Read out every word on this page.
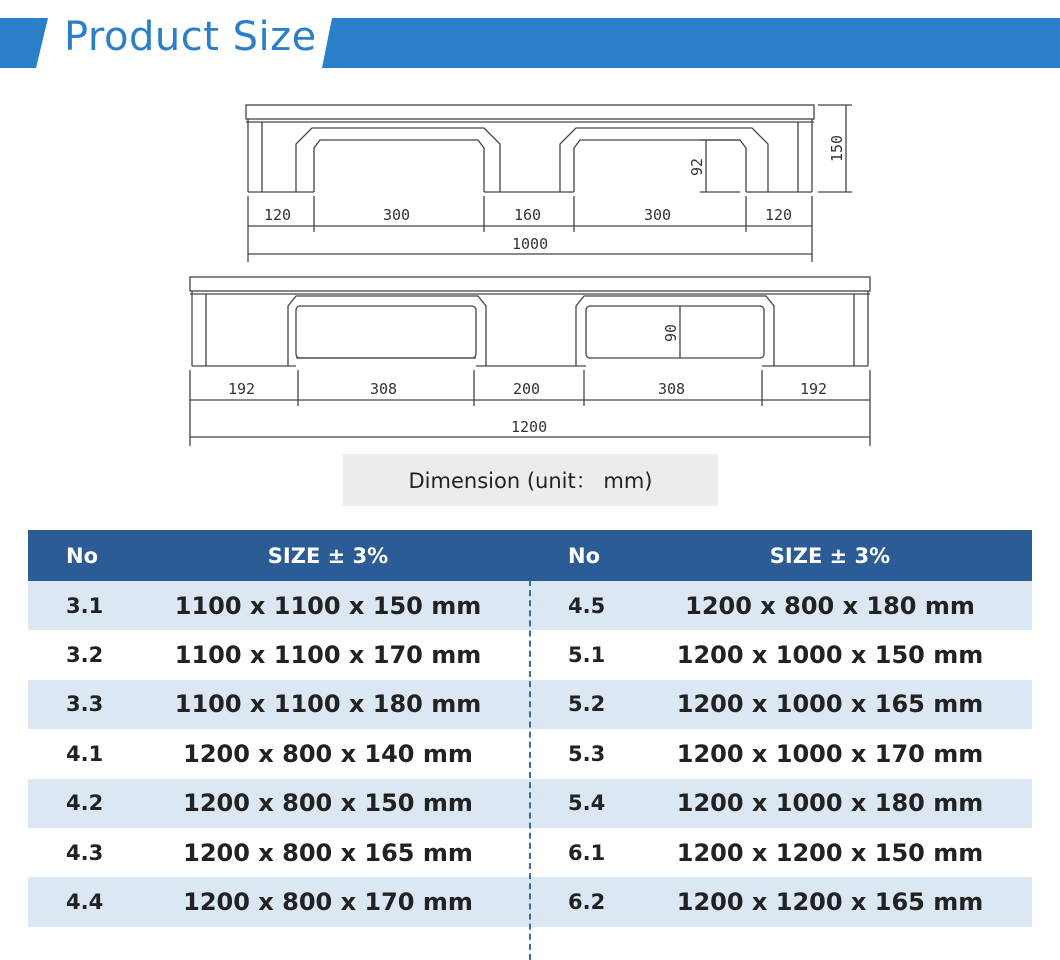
Product Size
120	300	160	300	120
1000
92
150
192	308	200	308	192
1200
90
Dimension (unit： mm)
No	SIZE ± 3%	No	SIZE ± 3%
3.1	1100 x 1100 x 150 mm	4.5	1200 x 800 x 180 mm
3.2	1100 x 1100 x 170 mm	5.1	1200 x 1000 x 150 mm
3.3	1100 x 1100 x 180 mm	5.2	1200 x 1000 x 165 mm
4.1	1200 x 800 x 140 mm	5.3	1200 x 1000 x 170 mm
4.2	1200 x 800 x 150 mm	5.4	1200 x 1000 x 180 mm
4.3	1200 x 800 x 165 mm	6.1	1200 x 1200 x 150 mm
4.4	1200 x 800 x 170 mm	6.2	1200 x 1200 x 165 mm
